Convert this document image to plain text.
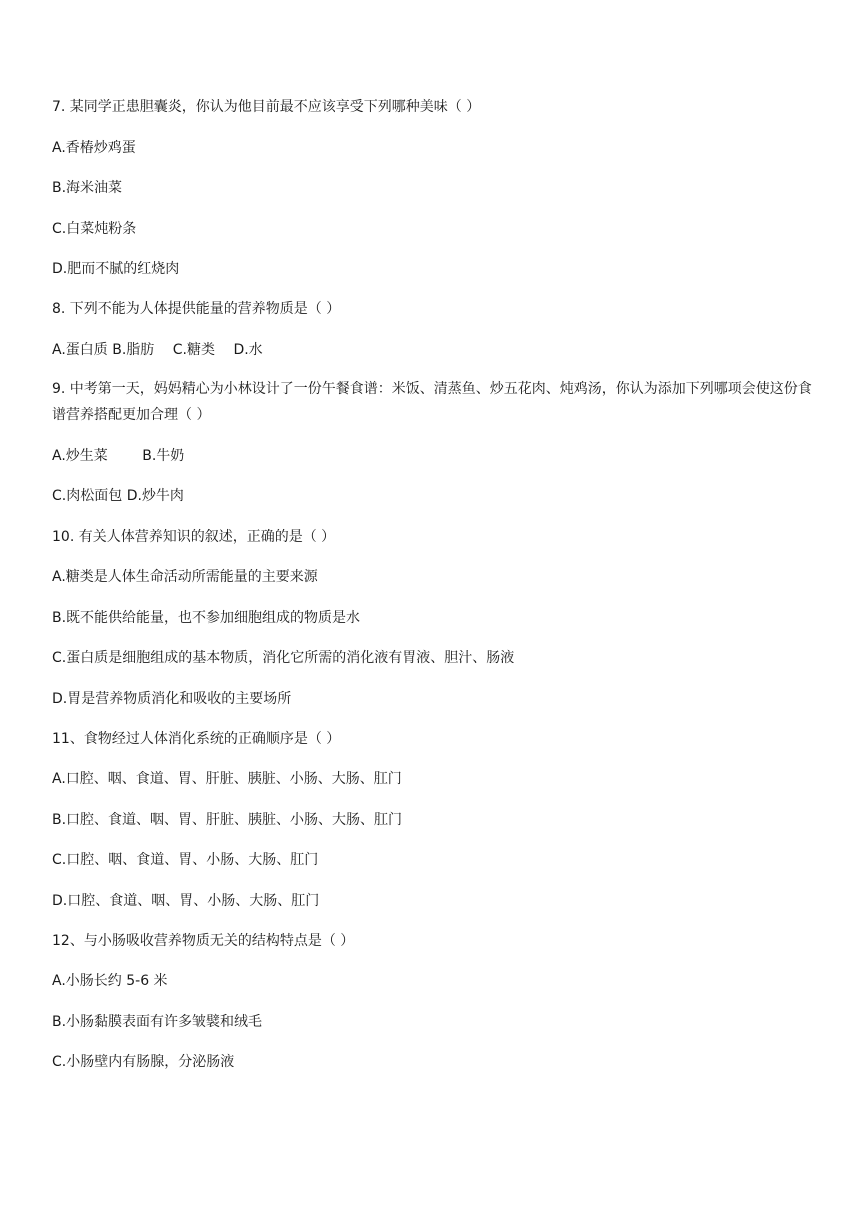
7. 某同学正患胆囊炎，你认为他目前最不应该享受下列哪种美味（ ）
A.香椿炒鸡蛋
B.海米油菜
C.白菜炖粉条
D.肥而不腻的红烧肉
8. 下列不能为人体提供能量的营养物质是（ ）
A.蛋白质 B.脂肪 C.糖类 D.水
9. 中考第一天，妈妈精心为小林设计了一份午餐食谱：米饭、清蒸鱼、炒五花肉、炖鸡汤，你认为添加下列哪项会使这份食谱营养搭配更加合理（ ）
A.炒生菜 B.牛奶
C.肉松面包 D.炒牛肉
10. 有关人体营养知识的叙述，正确的是（ ）
A.糖类是人体生命活动所需能量的主要来源
B.既不能供给能量，也不参加细胞组成的物质是水
C.蛋白质是细胞组成的基本物质，消化它所需的消化液有胃液、胆汁、肠液
D.胃是营养物质消化和吸收的主要场所
11、食物经过人体消化系统的正确顺序是（ ）
A.口腔、咽、食道、胃、肝脏、胰脏、小肠、大肠、肛门
B.口腔、食道、咽、胃、肝脏、胰脏、小肠、大肠、肛门
C.口腔、咽、食道、胃、小肠、大肠、肛门
D.口腔、食道、咽、胃、小肠、大肠、肛门
12、与小肠吸收营养物质无关的结构特点是（ ）
A.小肠长约 5-6 米
B.小肠黏膜表面有许多皱襞和绒毛
C.小肠壁内有肠腺，分泌肠液
